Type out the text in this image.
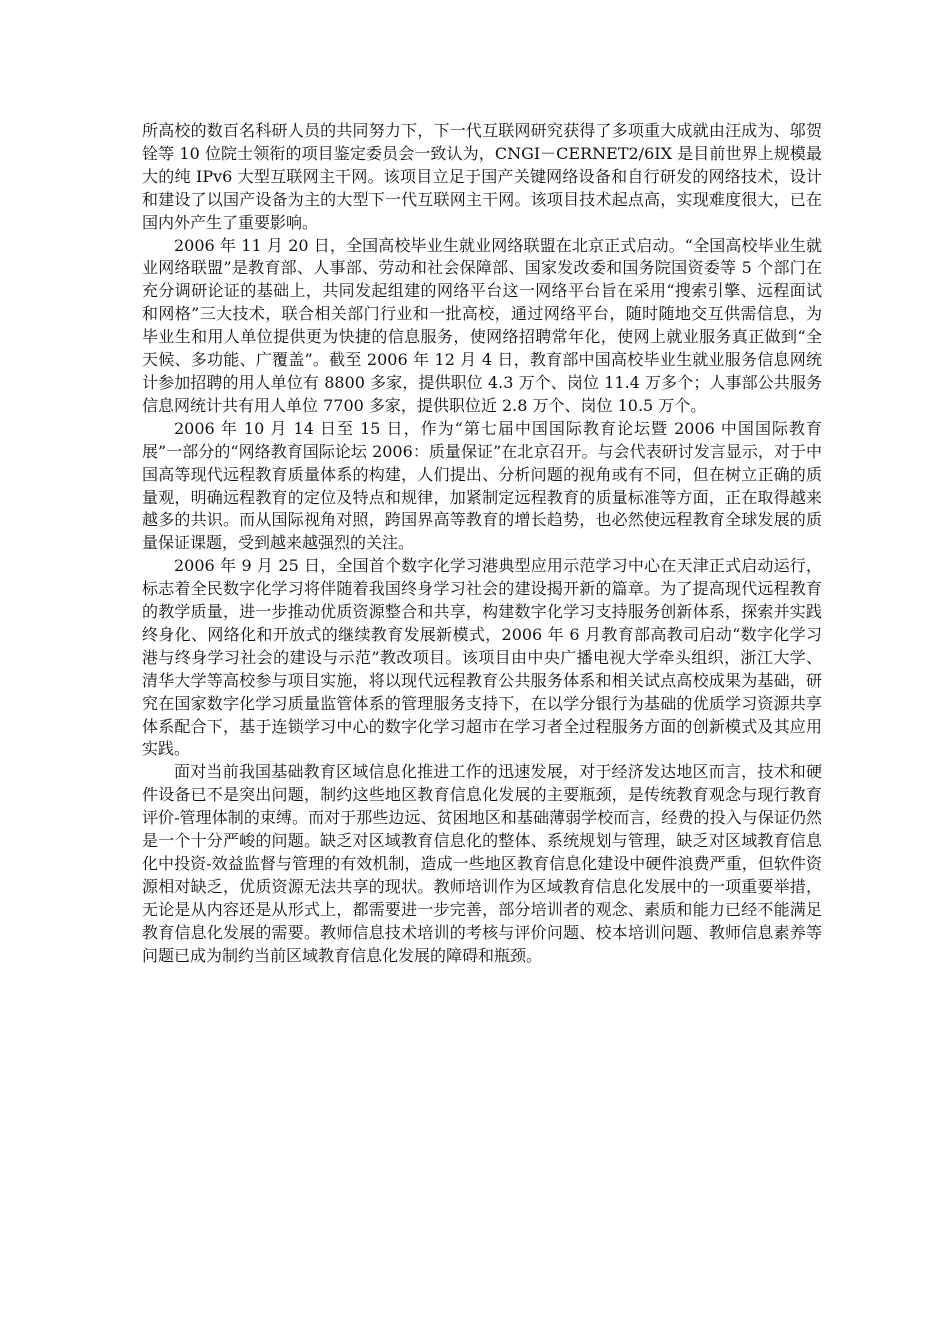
所高校的数百名科研人员的共同努力下，下一代互联网研究获得了多项重大成就由汪成为、邬贺铨等 10 位院士领衔的项目鉴定委员会一致认为，CNGI－CERNET2/6IX 是目前世界上规模最大的纯 IPv6 大型互联网主干网。该项目立足于国产关键网络设备和自行研发的网络技术，设计和建设了以国产设备为主的大型下一代互联网主干网。该项目技术起点高，实现难度很大，已在国内外产生了重要影响。

2006 年 11 月 20 日，全国高校毕业生就业网络联盟在北京正式启动。“全国高校毕业生就业网络联盟”是教育部、人事部、劳动和社会保障部、国家发改委和国务院国资委等 5 个部门在充分调研论证的基础上，共同发起组建的网络平台这一网络平台旨在采用“搜索引擎、远程面试和网格”三大技术，联合相关部门行业和一批高校，通过网络平台，随时随地交互供需信息，为毕业生和用人单位提供更为快捷的信息服务，使网络招聘常年化，使网上就业服务真正做到“全天候、多功能、广覆盖”。截至 2006 年 12 月 4 日，教育部中国高校毕业生就业服务信息网统计参加招聘的用人单位有 8800 多家，提供职位 4.3 万个、岗位 11.4 万多个；人事部公共服务信息网统计共有用人单位 7700 多家，提供职位近 2.8 万个、岗位 10.5 万个。

2006 年 10 月 14 日至 15 日，作为“第七届中国国际教育论坛暨 2006 中国国际教育展”一部分的“网络教育国际论坛 2006：质量保证”在北京召开。与会代表研讨发言显示，对于中国高等现代远程教育质量体系的构建，人们提出、分析问题的视角或有不同，但在树立正确的质量观，明确远程教育的定位及特点和规律，加紧制定远程教育的质量标准等方面，正在取得越来越多的共识。而从国际视角对照，跨国界高等教育的增长趋势，也必然使远程教育全球发展的质量保证课题，受到越来越强烈的关注。

2006 年 9 月 25 日，全国首个数字化学习港典型应用示范学习中心在天津正式启动运行，标志着全民数字化学习将伴随着我国终身学习社会的建设揭开新的篇章。为了提高现代远程教育的教学质量，进一步推动优质资源整合和共享，构建数字化学习支持服务创新体系，探索并实践终身化、网络化和开放式的继续教育发展新模式，2006 年 6 月教育部高教司启动“数字化学习港与终身学习社会的建设与示范”教改项目。该项目由中央广播电视大学牵头组织，浙江大学、清华大学等高校参与项目实施，将以现代远程教育公共服务体系和相关试点高校成果为基础，研究在国家数字化学习质量监管体系的管理服务支持下，在以学分银行为基础的优质学习资源共享体系配合下，基于连锁学习中心的数字化学习超市在学习者全过程服务方面的创新模式及其应用实践。

面对当前我国基础教育区域信息化推进工作的迅速发展，对于经济发达地区而言，技术和硬件设备已不是突出问题，制约这些地区教育信息化发展的主要瓶颈，是传统教育观念与现行教育评价-管理体制的束缚。而对于那些边远、贫困地区和基础薄弱学校而言，经费的投入与保证仍然是一个十分严峻的问题。缺乏对区域教育信息化的整体、系统规划与管理，缺乏对区域教育信息化中投资-效益监督与管理的有效机制，造成一些地区教育信息化建设中硬件浪费严重，但软件资源相对缺乏，优质资源无法共享的现状。教师培训作为区域教育信息化发展中的一项重要举措，无论是从内容还是从形式上，都需要进一步完善，部分培训者的观念、素质和能力已经不能满足教育信息化发展的需要。教师信息技术培训的考核与评价问题、校本培训问题、教师信息素养等问题已成为制约当前区域教育信息化发展的障碍和瓶颈。
